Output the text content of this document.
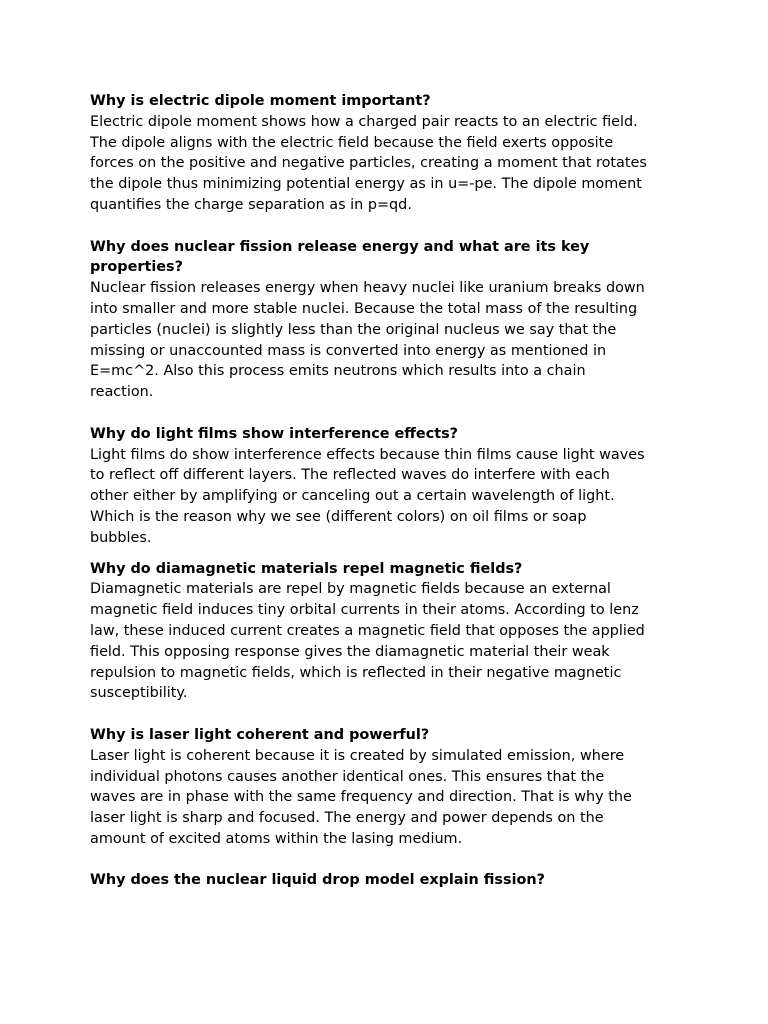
Why is electric dipole moment important?

Electric dipole moment shows how a charged pair reacts to an electric field.
The dipole aligns with the electric field because the field exerts opposite
forces on the positive and negative particles, creating a moment that rotates
the dipole thus minimizing potential energy as in u=-pe. The dipole moment
quantifies the charge separation as in p=qd.

Why does nuclear fission release energy and what are its key
properties?

Nuclear fission releases energy when heavy nuclei like uranium breaks down
into smaller and more stable nuclei. Because the total mass of the resulting
particles (nuclei) is slightly less than the original nucleus we say that the
missing or unaccounted mass is converted into energy as mentioned in
E=mc^2. Also this process emits neutrons which results into a chain
reaction.

Why do light films show interference effects?

Light films do show interference effects because thin films cause light waves
to reflect off different layers. The reflected waves do interfere with each
other either by amplifying or canceling out a certain wavelength of light.
Which is the reason why we see (different colors) on oil films or soap
bubbles.

Why do diamagnetic materials repel magnetic fields?

Diamagnetic materials are repel by magnetic fields because an external
magnetic field induces tiny orbital currents in their atoms. According to lenz
law, these induced current creates a magnetic field that opposes the applied
field. This opposing response gives the diamagnetic material their weak
repulsion to magnetic fields, which is reflected in their negative magnetic
susceptibility.

Why is laser light coherent and powerful?

Laser light is coherent because it is created by simulated emission, where
individual photons causes another identical ones. This ensures that the
waves are in phase with the same frequency and direction. That is why the
laser light is sharp and focused. The energy and power depends on the
amount of excited atoms within the lasing medium.

Why does the nuclear liquid drop model explain fission?
